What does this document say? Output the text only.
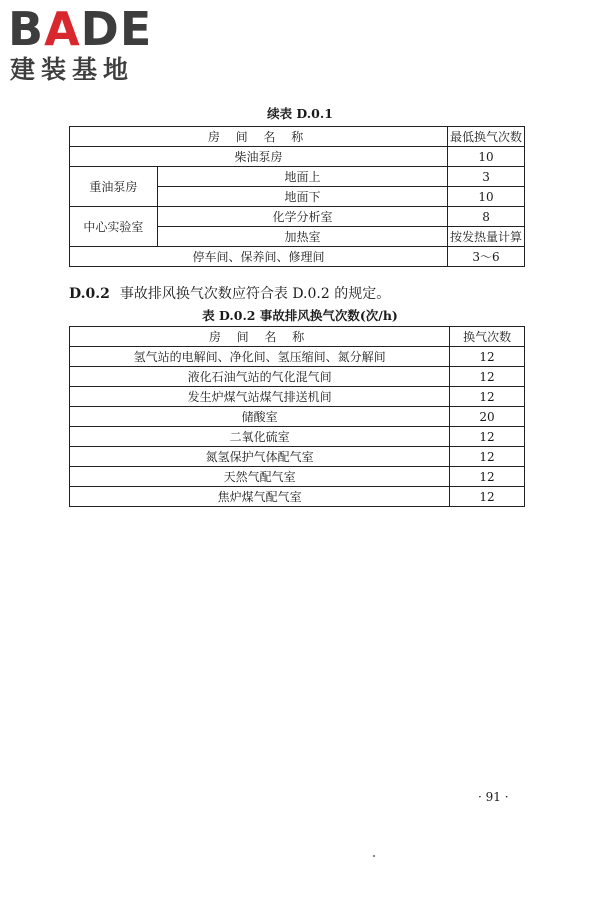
BADE
建装基地
续表 D.0.1
房 间 名 称		最低换气次数
柴油泵房		10
重油泵房	地面上	3
	地面下	10
中心实验室	化学分析室	8
	加热室	按发热量计算
停车间、保养间、修理间		3～6
D.0.2 事故排风换气次数应符合表 D.0.2 的规定。
表 D.0.2 事故排风换气次数(次/h)
房 间 名 称	换气次数
氢气站的电解间、净化间、氢压缩间、氮分解间	12
液化石油气站的气化混气间	12
发生炉煤气站煤气排送机间	12
储酸室	20
二氧化硫室	12
氮氢保护气体配气室	12
天然气配气室	12
焦炉煤气配气室	12
· 91 ·
